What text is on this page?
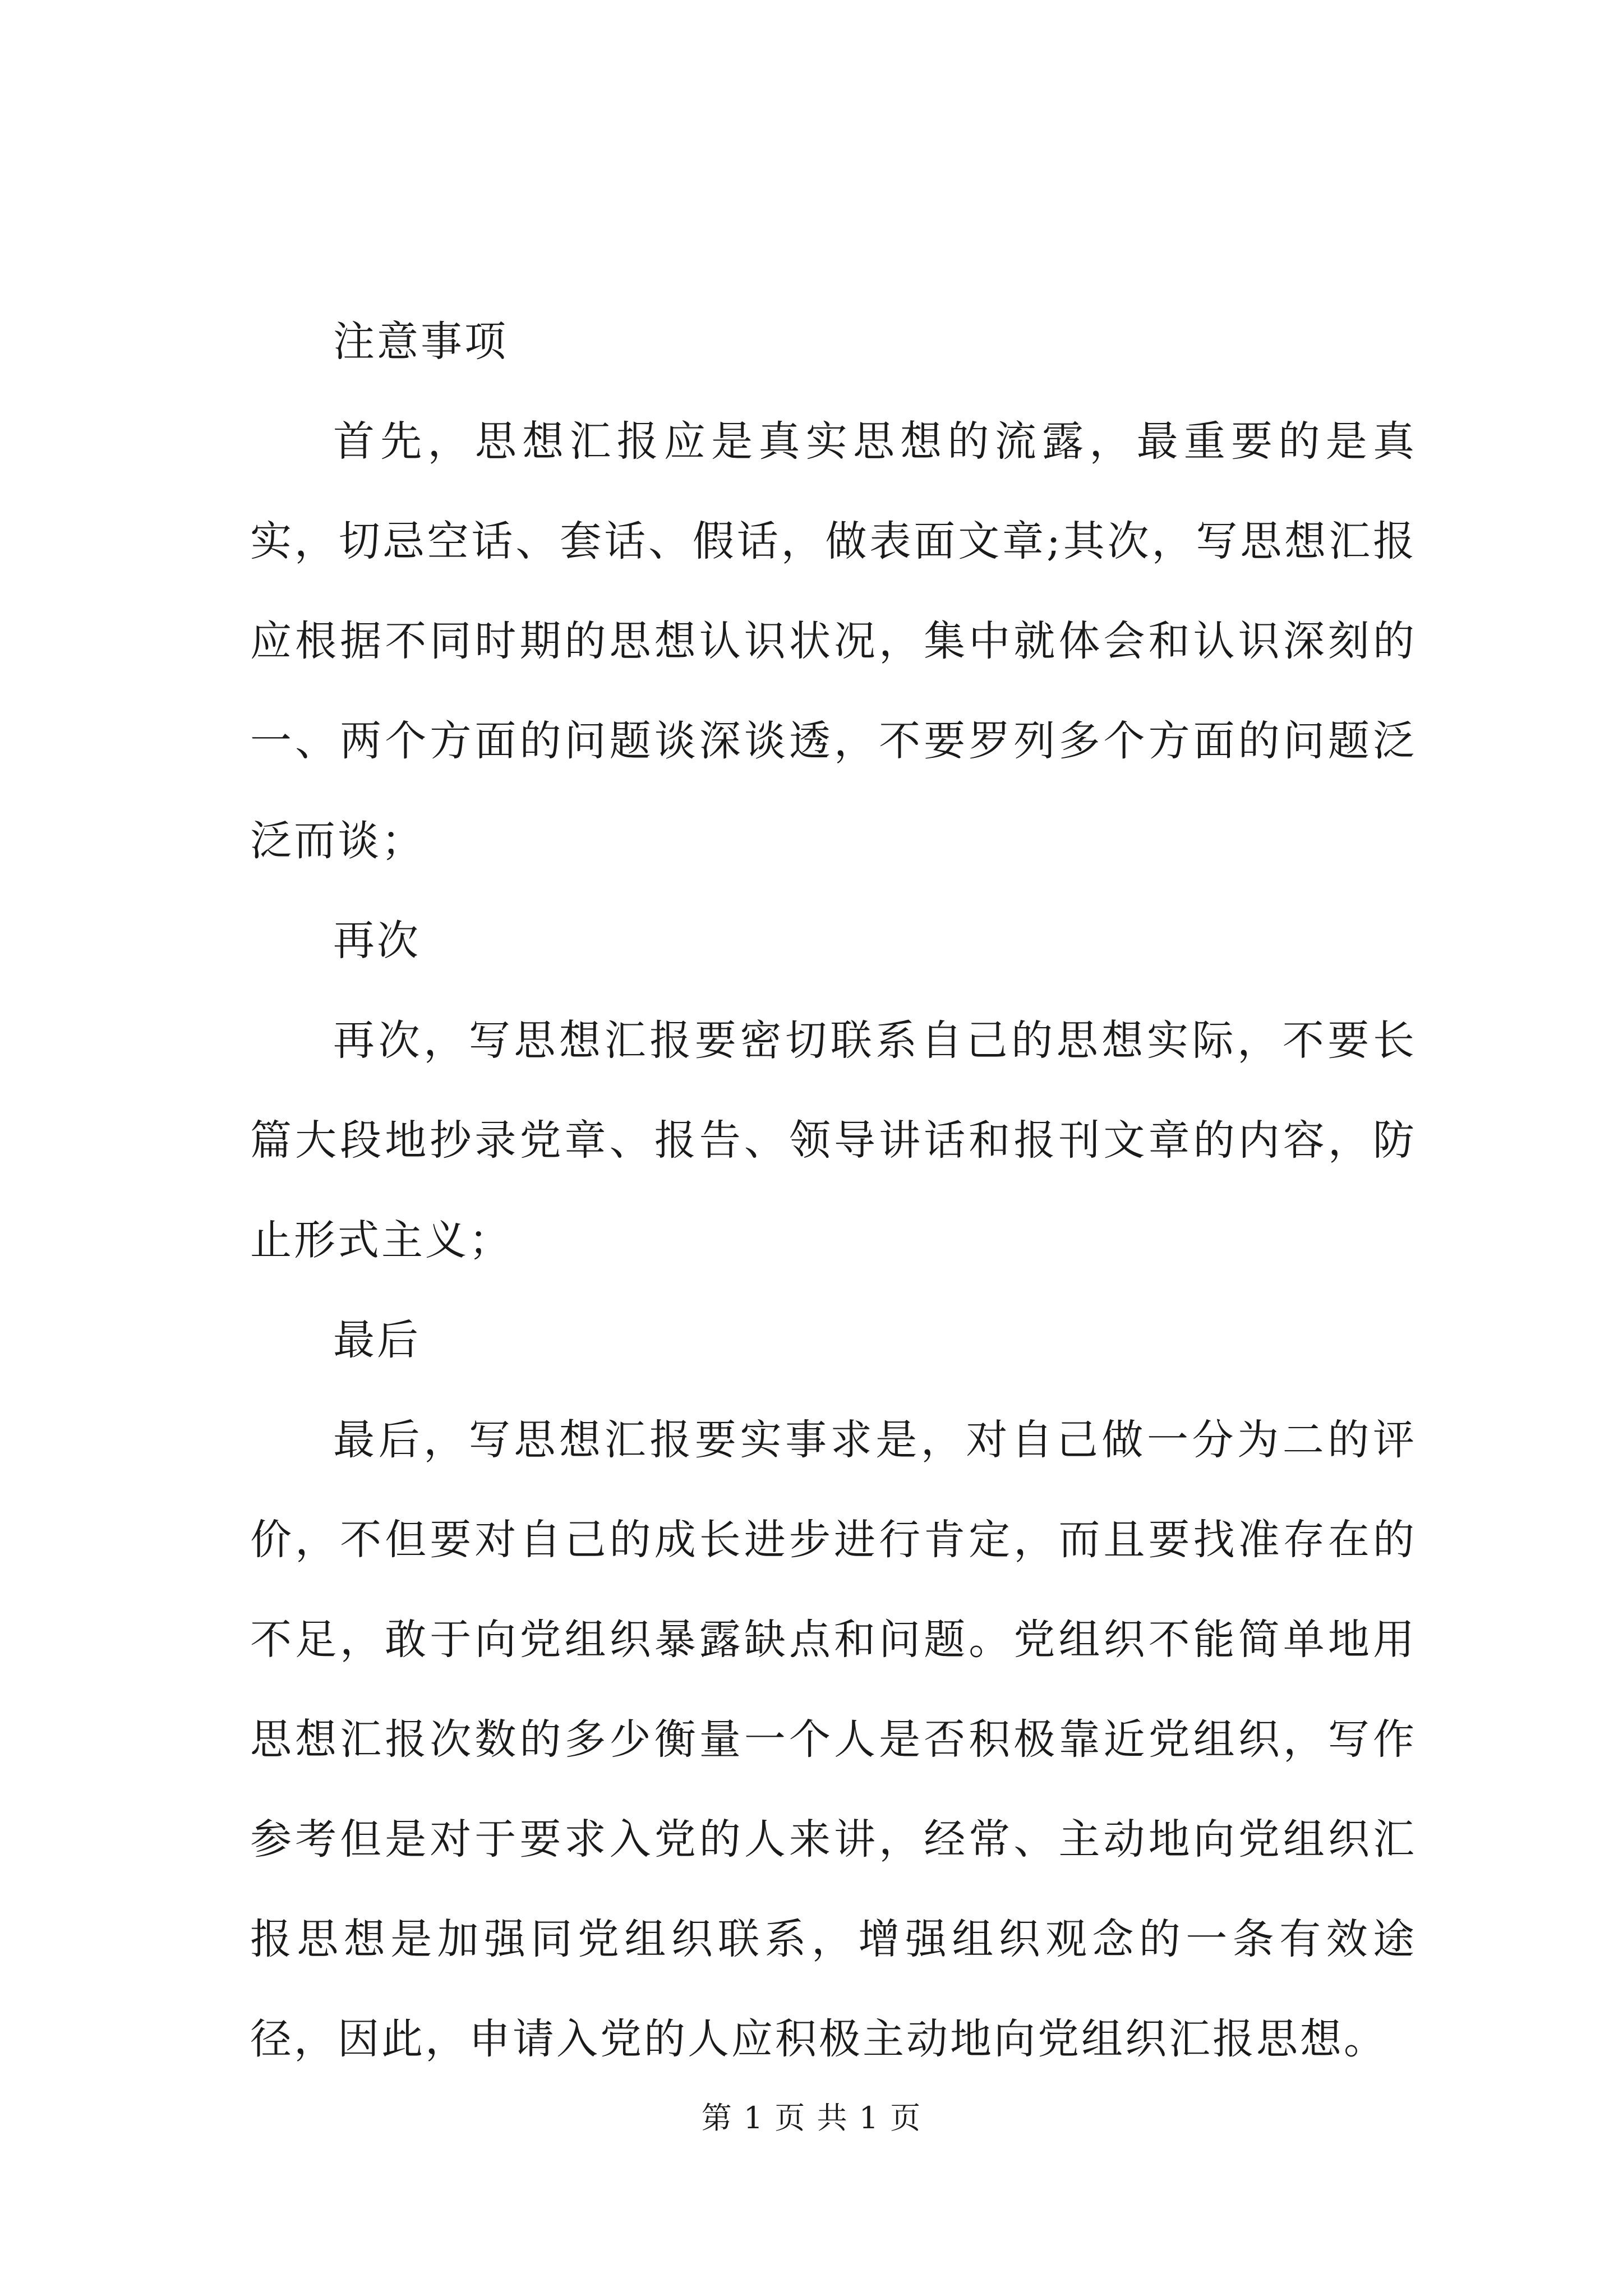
注意事项

首先，思想汇报应是真实思想的流露，最重要的是真实，切忌空话、套话、假话，做表面文章;其次，写思想汇报应根据不同时期的思想认识状况，集中就体会和认识深刻的一、两个方面的问题谈深谈透，不要罗列多个方面的问题泛泛而谈；

再次

再次，写思想汇报要密切联系自己的思想实际，不要长篇大段地抄录党章、报告、领导讲话和报刊文章的内容，防止形式主义；

最后

最后，写思想汇报要实事求是，对自己做一分为二的评价，不但要对自己的成长进步进行肯定，而且要找准存在的不足，敢于向党组织暴露缺点和问题。党组织不能简单地用思想汇报次数的多少衡量一个人是否积极靠近党组织，写作参考但是对于要求入党的人来讲，经常、主动地向党组织汇报思想是加强同党组织联系，增强组织观念的一条有效途径，因此，申请入党的人应积极主动地向党组织汇报思想。

第 1 页 共 1 页
